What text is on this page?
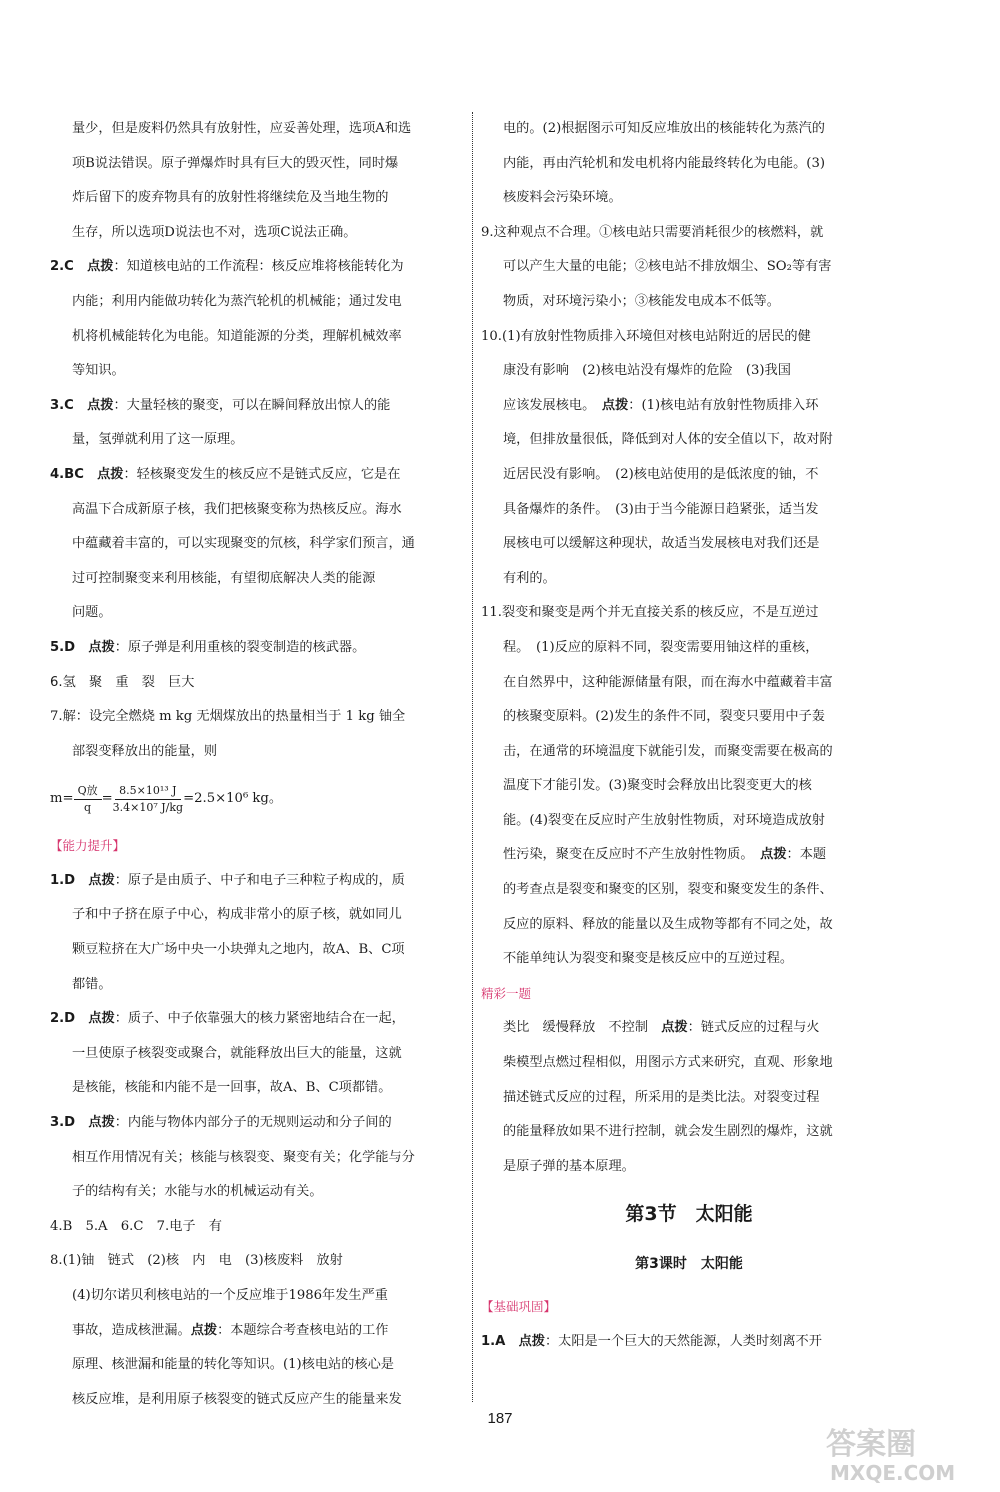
量少，但是废料仍然具有放射性，应妥善处理，选项A和选

项B说法错误。原子弹爆炸时具有巨大的毁灭性，同时爆

炸后留下的废弃物具有的放射性将继续危及当地生物的

生存，所以选项D说法也不对，选项C说法正确。

2.C　 点拨：知道核电站的工作流程：核反应堆将核能转化为

内能；利用内能做功转化为蒸汽轮机的机械能；通过发电

机将机械能转化为电能。知道能源的分类，理解机械效率

等知识。

3.C　 点拨：大量轻核的聚变，可以在瞬间释放出惊人的能

量，氢弹就利用了这一原理。

4.BC　 点拨：轻核聚变发生的核反应不是链式反应，它是在

高温下合成新原子核，我们把核聚变称为热核反应。海水

中蕴藏着丰富的，可以实现聚变的氘核，科学家们预言，通

过可控制聚变来利用核能，有望彻底解决人类的能源

问题。

5.D　 点拨：原子弹是利用重核的裂变制造的核武器。

6.氢　聚　重　裂　巨大

7.解：设完全燃烧 m kg 无烟煤放出的热量相当于 1 kg 铀全

部裂变释放出的能量，则

$m= \frac{\text{Q放}}{q} = \frac{\text{8.5×10¹³ J}}{\text{3.4×10⁷ J/kg}} =2.5\times 10^6$ kg。

【能力提升】

1.D　 点拨：原子是由质子、中子和电子三种粒子构成的，质

子和中子挤在原子中心，构成非常小的原子核，就如同儿

颗豆粒挤在大广场中央一小块弹丸之地内，故A、B、C项

都错。

2.D　 点拨：质子、中子依靠强大的核力紧密地结合在一起，

一旦使原子核裂变或聚合，就能释放出巨大的能量，这就

是核能，核能和内能不是一回事，故A、B、C项都错。

3.D　 点拨：内能与物体内部分子的无规则运动和分子间的

相互作用情况有关；核能与核裂变、聚变有关；化学能与分

子的结构有关；水能与水的机械运动有关。

4.B　5.A　6.C　7.电子　有

8.(1)铀　链式　(2)核　内　电　(3)核废料　放射

(4)切尔诺贝利核电站的一个反应堆于1986年发生严重

事故，造成核泄漏。点拨：本题综合考查核电站的工作

原理、核泄漏和能量的转化等知识。(1)核电站的核心是

核反应堆，是利用原子核裂变的链式反应产生的能量来发

电的。(2)根据图示可知反应堆放出的核能转化为蒸汽的

内能，再由汽轮机和发电机将内能最终转化为电能。(3)

核废料会污染环境。

9.这种观点不合理。①核电站只需要消耗很少的核燃料，就

可以产生大量的电能；②核电站不排放烟尘、SO₂等有害

物质，对环境污染小；③核能发电成本不低等。

10.(1)有放射性物质排入环境但对核电站附近的居民的健

康没有影响　(2)核电站没有爆炸的危险　(3)我国

应该发展核电。　点拨：(1)核电站有放射性物质排入环

境，但排放量很低，降低到对人体的安全值以下，故对附

近居民没有影响。　(2)核电站使用的是低浓度的铀，不

具备爆炸的条件。　(3)由于当今能源日趋紧张，适当发

展核电可以缓解这种现状，故适当发展核电对我们还是

有利的。

11.裂变和聚变是两个并无直接关系的核反应，不是互逆过

程。　(1)反应的原料不同，裂变需要用铀这样的重核，

在自然界中，这种能源储量有限，而在海水中蕴藏着丰富

的核聚变原料。(2)发生的条件不同，裂变只要用中子轰

击，在通常的环境温度下就能引发，而聚变需要在极高的

温度下才能引发。(3)聚变时会释放出比裂变更大的核

能。(4)裂变在反应时产生放射性物质，对环境造成放射

性污染，聚变在反应时不产生放射性物质。　点拨：本题

的考查点是裂变和聚变的区别，裂变和聚变发生的条件、

反应的原料、释放的能量以及生成物等都有不同之处，故

不能单纯认为裂变和聚变是核反应中的互逆过程。

精彩一题

类比　缓慢释放　不控制　点拨：链式反应的过程与火

柴模型点燃过程相似，用图示方式来研究，直观、形象地

描述链式反应的过程，所采用的是类比法。对裂变过程

的能量释放如果不进行控制，就会发生剧烈的爆炸，这就

是原子弹的基本原理。

第3节　太阳能
第3课时　太阳能

【基础巩固】

1.A　 点拨：太阳是一个巨大的天然能源，人类时刻离不开

187
答案圈
MXQE.COM
